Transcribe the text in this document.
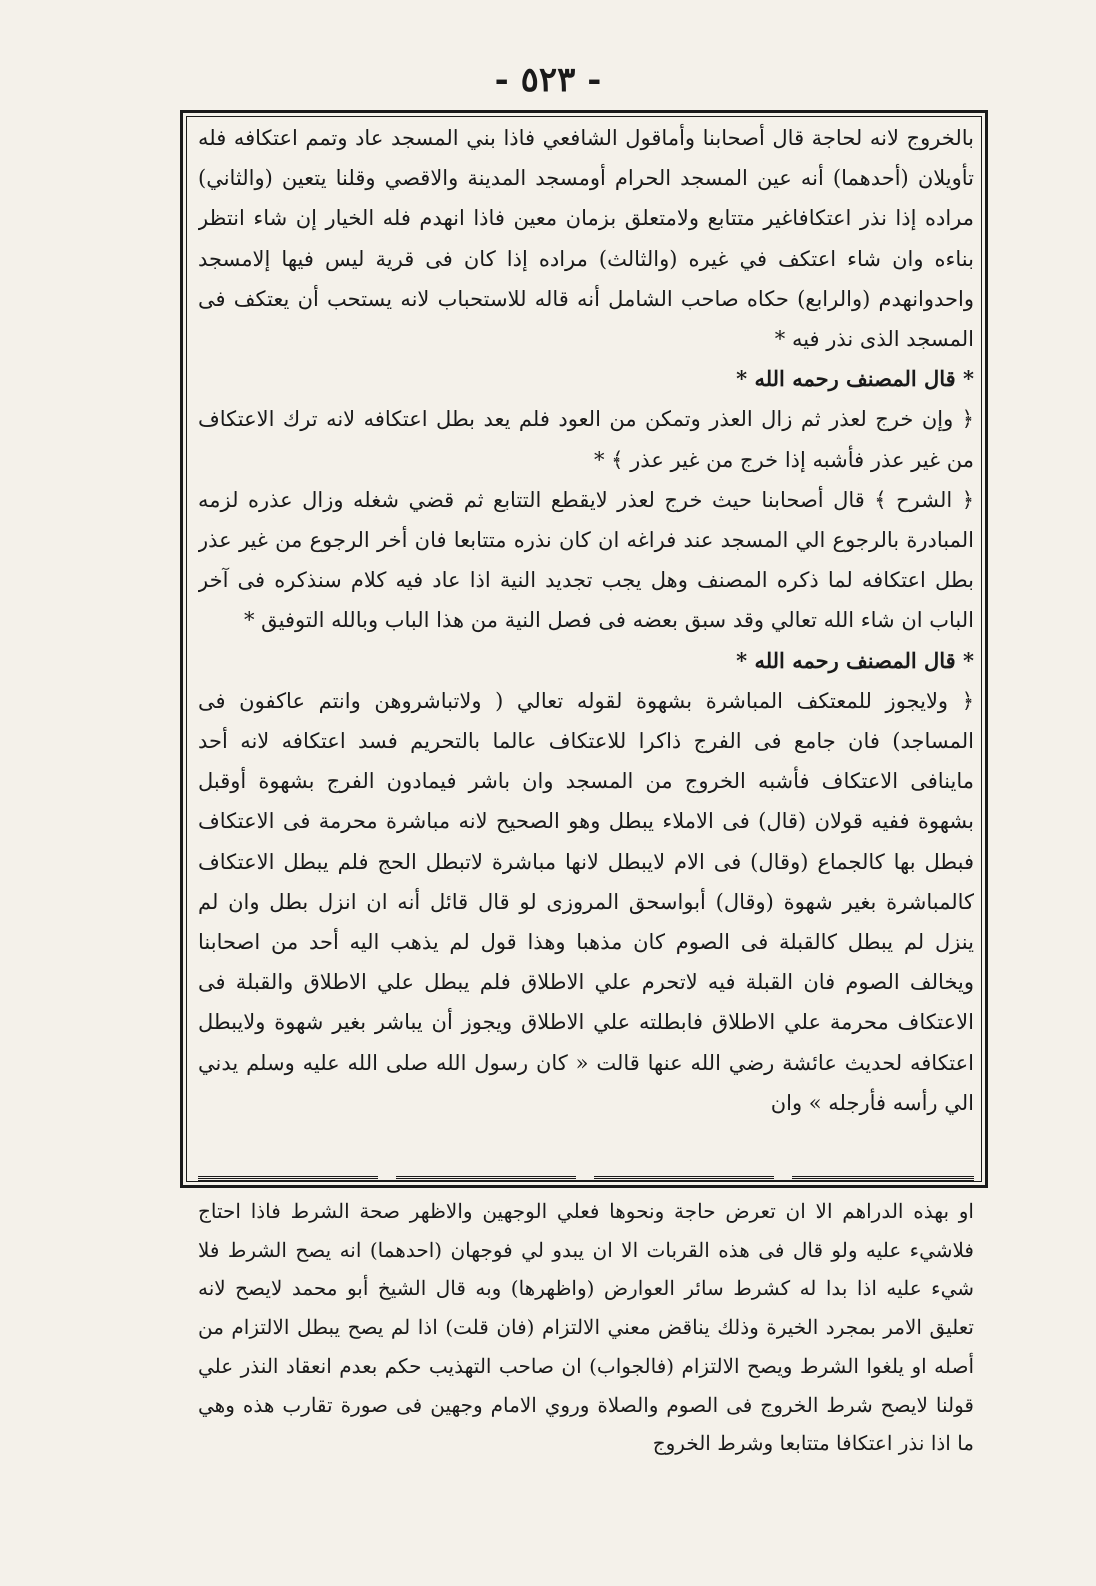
- ٥٢٣ -

بالخروج لانه لحاجة قال أصحابنا وأماقول الشافعي فاذا بني المسجد عاد وتمم اعتكافه فله تأويلان (أحدهما) أنه عين المسجد الحرام أومسجد المدينة والاقصي وقلنا يتعين (والثاني) مراده إذا نذر اعتكافاغير متتابع ولامتعلق بزمان معين فاذا انهدم فله الخيار إن شاء انتظر بناءه وان شاء اعتكف في غيره (والثالث) مراده إذا كان فى قرية ليس فيها إلامسجد واحدوانهدم (والرابع) حكاه صاحب الشامل أنه قاله للاستحباب لانه يستحب أن يعتكف فى المسجد الذى نذر فيه *

* قال المصنف رحمه الله *

﴿ وإن خرج لعذر ثم زال العذر وتمكن من العود فلم يعد بطل اعتكافه لانه ترك الاعتكاف من غير عذر فأشبه إذا خرج من غير عذر ﴾ *

﴿ الشرح ﴾ قال أصحابنا حيث خرج لعذر لايقطع التتابع ثم قضي شغله وزال عذره لزمه المبادرة بالرجوع الي المسجد عند فراغه ان كان نذره متتابعا فان أخر الرجوع من غير عذر بطل اعتكافه لما ذكره المصنف وهل يجب تجديد النية اذا عاد فيه كلام سنذكره فى آخر الباب ان شاء الله تعالي وقد سبق بعضه فى فصل النية من هذا الباب وبالله التوفيق *

* قال المصنف رحمه الله *

﴿ ولايجوز للمعتكف المباشرة بشهوة لقوله تعالي ( ولاتباشروهن وانتم عاكفون فى المساجد) فان جامع فى الفرج ذاكرا للاعتكاف عالما بالتحريم فسد اعتكافه لانه أحد ماينافى الاعتكاف فأشبه الخروج من المسجد وان باشر فيمادون الفرج بشهوة أوقبل بشهوة ففيه قولان (قال) فى الاملاء يبطل وهو الصحيح لانه مباشرة محرمة فى الاعتكاف فبطل بها كالجماع (وقال) فى الام لايبطل لانها مباشرة لاتبطل الحج فلم يبطل الاعتكاف كالمباشرة بغير شهوة (وقال) أبواسحق المروزى لو قال قائل أنه ان انزل بطل وان لم ينزل لم يبطل كالقبلة فى الصوم كان مذهبا وهذا قول لم يذهب اليه أحد من اصحابنا ويخالف الصوم فان القبلة فيه لاتحرم علي الاطلاق فلم يبطل علي الاطلاق والقبلة فى الاعتكاف محرمة علي الاطلاق فابطلته علي الاطلاق ويجوز أن يباشر بغير شهوة ولايبطل اعتكافه لحديث عائشة رضي الله عنها قالت « كان رسول الله صلى الله عليه وسلم يدني الي رأسه فأرجله » وان

او بهذه الدراهم الا ان تعرض حاجة ونحوها فعلي الوجهين والاظهر صحة الشرط فاذا احتاج فلاشيء عليه ولو قال فى هذه القربات الا ان يبدو لي فوجهان (احدهما) انه يصح الشرط فلا شيء عليه اذا بدا له كشرط سائر العوارض (واظهرها) وبه قال الشيخ أبو محمد لايصح لانه تعليق الامر بمجرد الخيرة وذلك يناقض معني الالتزام (فان قلت) اذا لم يصح يبطل الالتزام من أصله او يلغوا الشرط ويصح الالتزام (فالجواب) ان صاحب التهذيب حكم بعدم انعقاد النذر علي قولنا لايصح شرط الخروج فى الصوم والصلاة وروي الامام وجهين فى صورة تقارب هذه وهي ما اذا نذر اعتكافا متتابعا وشرط الخروج
